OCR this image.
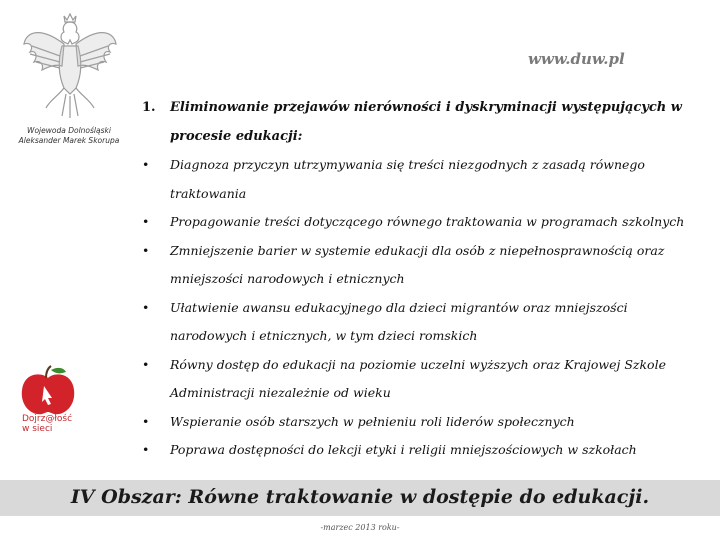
Wojewoda Dolnośląski
Aleksander Marek Skorupa
Dojrz@łość
w sieci
www.duw.pl
1. Eliminowanie przejawów nierówności i dyskryminacji występujących w
procesie edukacji:
• Diagnoza przyczyn utrzymywania się treści niezgodnych z zasadą równego
traktowania
• Propagowanie treści dotyczącego równego traktowania w programach szkolnych
• Zmniejszenie barier w systemie edukacji dla osób z niepełnosprawnością oraz
mniejszości narodowych i etnicznych
• Ułatwienie awansu edukacyjnego dla dzieci migrantów oraz mniejszości
narodowych i etnicznych, w tym dzieci romskich
• Równy dostęp do edukacji na poziomie uczelni wyższych oraz Krajowej Szkole
Administracji niezależnie od wieku
• Wspieranie osób starszych w pełnieniu roli liderów społecznych
• Poprawa dostępności do lekcji etyki i religii mniejszościowych w szkołach
IV Obszar: Równe traktowanie w dostępie do edukacji.
-marzec 2013 roku-
